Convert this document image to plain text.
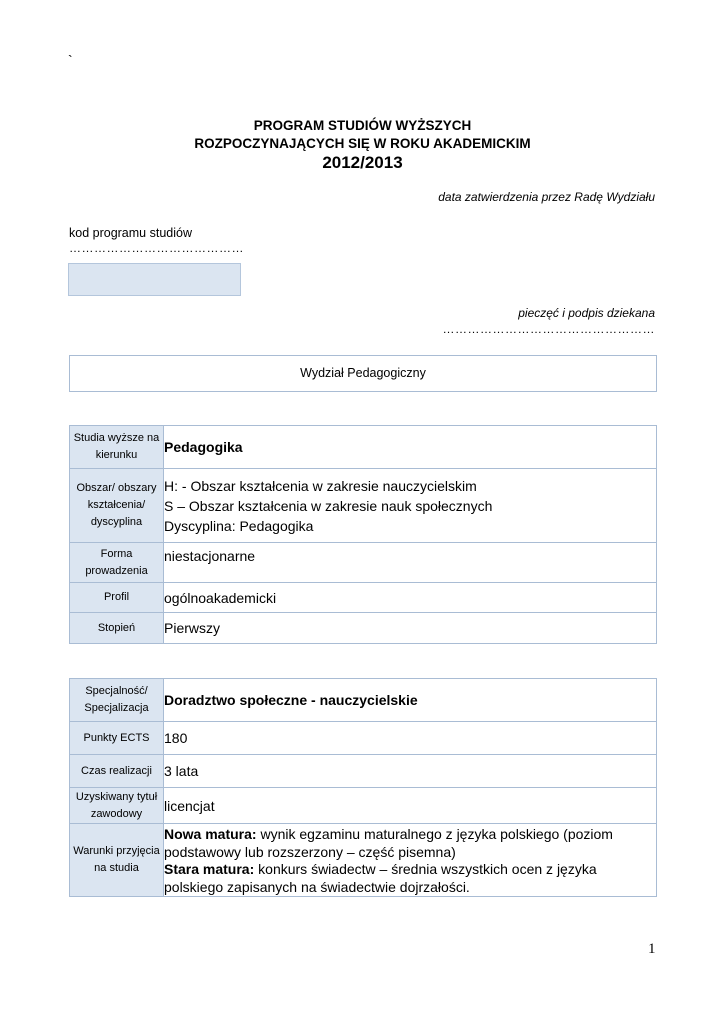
`
PROGRAM STUDIÓW WYŻSZYCH
ROZPOCZYNAJĄCYCH SIĘ W ROKU AKADEMICKIM
2012/2013
data zatwierdzenia przez Radę Wydziału
kod programu studiów
……………………………………
pieczęć i podpis dziekana
……………………………………………
Wydział Pedagogiczny
Studia wyższe na kierunku	Pedagogika
Obszar/ obszary kształcenia/ dyscyplina	H: - Obszar kształcenia w zakresie nauczycielskim
S – Obszar kształcenia w zakresie nauk społecznych
Dyscyplina: Pedagogika

Forma prowadzenia	niestacjonarne
Profil	ogólnoakademicki
Stopień	Pierwszy
Specjalność/ Specjalizacja	Doradztwo społeczne - nauczycielskie
Punkty ECTS	180
Czas realizacji	3 lata
Uzyskiwany tytuł zawodowy	licencjat
Warunki przyjęcia na studia	Nowa matura: wynik egzaminu maturalnego z języka polskiego (poziom podstawowy lub rozszerzony – część pisemna)
Stara matura: konkurs świadectw – średnia wszystkich ocen z języka polskiego zapisanych na świadectwie dojrzałości.
1
